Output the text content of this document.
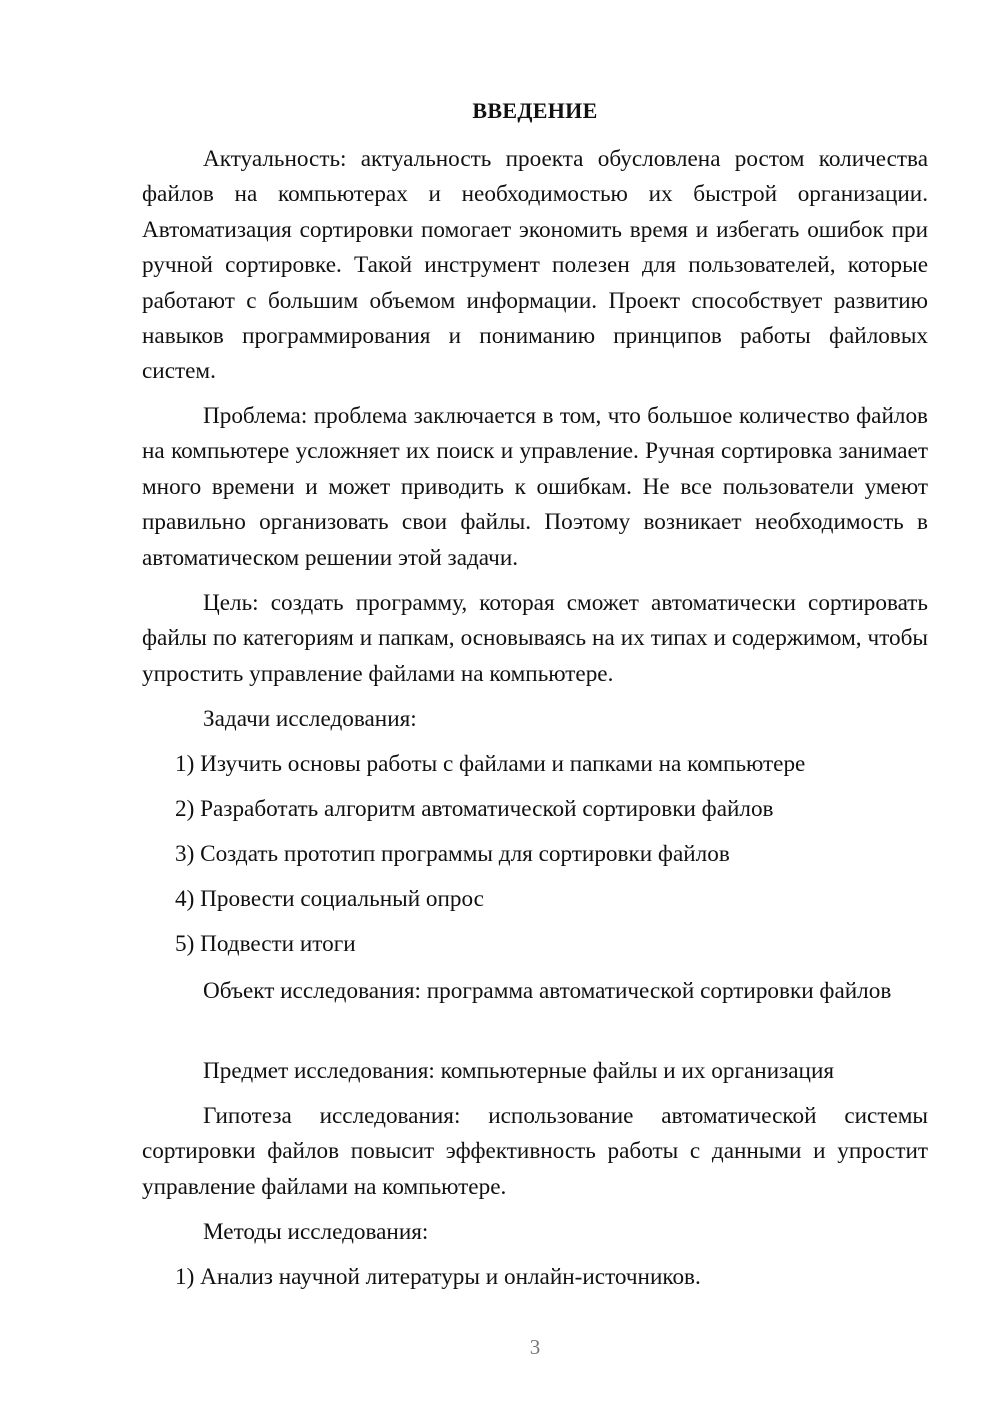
ВВЕДЕНИЕ

Актуальность: актуальность проекта обусловлена ростом количества файлов на компьютерах и необходимостью их быстрой организации. Автоматизация сортировки помогает экономить время и избегать ошибок при ручной сортировке. Такой инструмент полезен для пользователей, которые работают с большим объемом информации. Проект способствует развитию навыков программирования и пониманию принципов работы файловых систем.

Проблема: проблема заключается в том, что большое количество файлов на компьютере усложняет их поиск и управление. Ручная сортировка занимает много времени и может приводить к ошибкам. Не все пользователи умеют правильно организовать свои файлы. Поэтому возникает необходимость в автоматическом решении этой задачи.

Цель: создать программу, которая сможет автоматически сортировать файлы по категориям и папкам, основываясь на их типах и содержимом, чтобы упростить управление файлами на компьютере.

Задачи исследования:
1) Изучить основы работы с файлами и папками на компьютере
2) Разработать алгоритм автоматической сортировки файлов
3) Создать прототип программы для сортировки файлов
4) Провести социальный опрос
5) Подвести итоги

Объект исследования: программа автоматической сортировки файлов

Предмет исследования: компьютерные файлы и их организация

Гипотеза исследования: использование автоматической системы сортировки файлов повысит эффективность работы с данными и упростит управление файлами на компьютере.

Методы исследования:
1) Анализ научной литературы и онлайн-источников.
3
